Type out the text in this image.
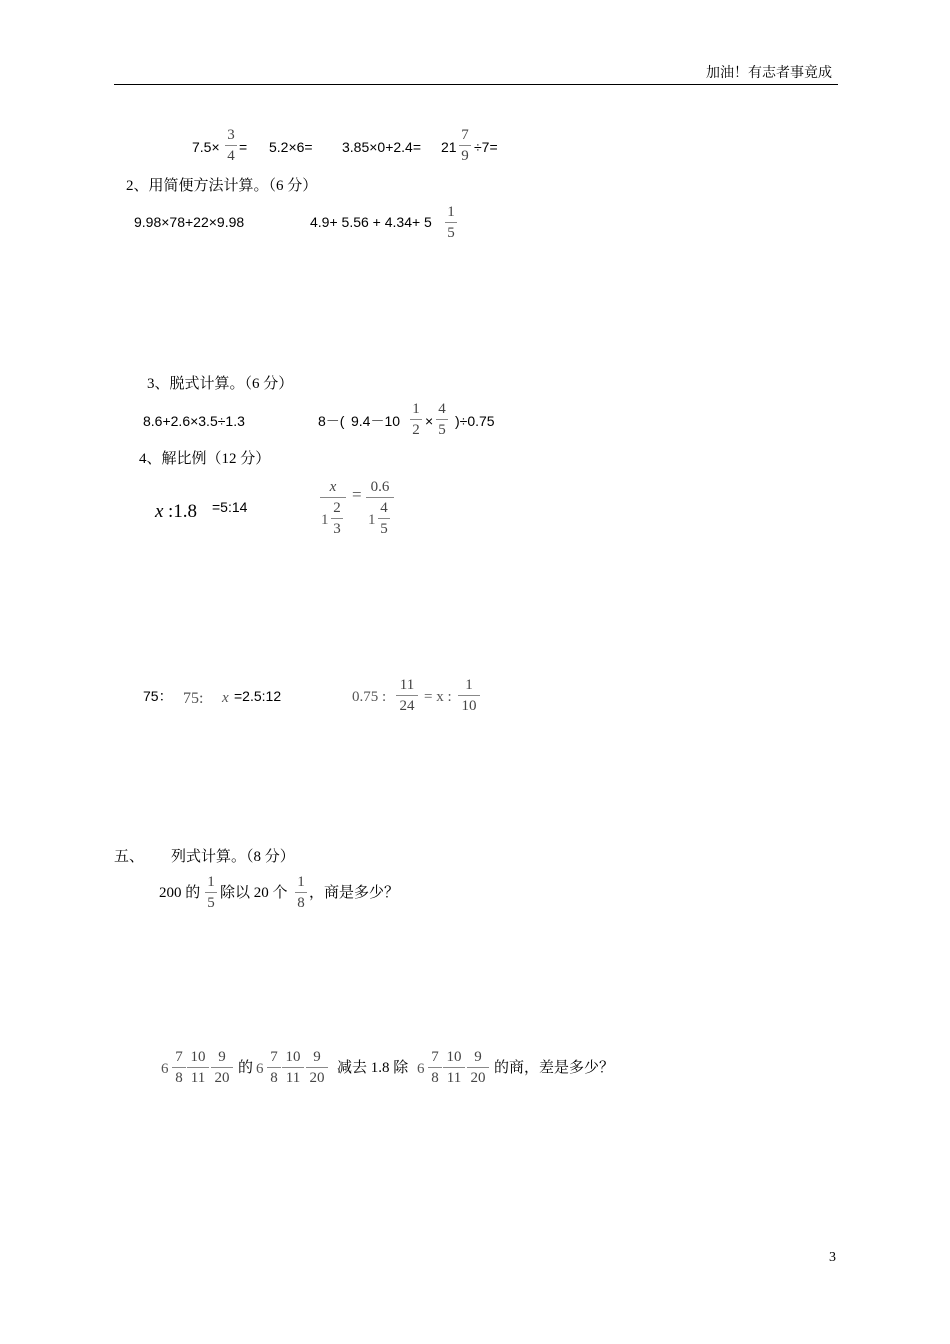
加油！有志者事竟成
7.5×
3
4
= 5.2×6= 3.85×0+2.4= 21
7
9
÷7=
2、用简便方法计算。（6 分）
9.98×78+22×9.98	4.9+ 5.56 + 4.34+ 5
1
5
3、脱式计算。（6 分）
8.6+2.6×3.5÷1.3	8－( 9.4－10
1
2
×
4
5
)÷0.75
4、解比例（12 分）
x :1.8 =5:14
x
1
2
3
= 0.6
1
4
5
75： 75: x =2.5:12	0.75 :
11
24
= x :
1
10
五、 列式计算。（8 分）
200 的
1
5
除以 20 个
1
8
，商是多少？
6
7
8
10
11
9
20
的 6
7
8
10
11
9
20
减去 1.8 除 6
7
8
10
11
9
20
的商，差是多少？
3
